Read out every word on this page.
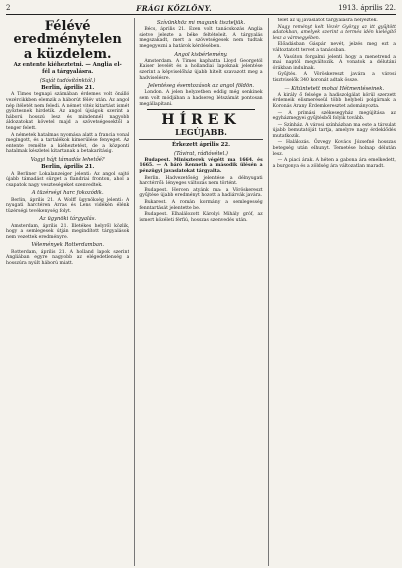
2	FRÁGI KÖZLÖNY.	1913. április 22.
Félévé eredménytelen
a küzdelem.
Az entente kiéheztetni. — Anglia el-
fél a tárgyalásra.
(Saját tudósítónktól.)
Berlin, április 21.

A Times tegnapi számában érdemes volt önálló vezércikkben elemzik a háborút félév után. Az angol nép ítéletét nem feledi. A német vitéz kitartást ismét győztesnek hirdetik. Az angol újságok szerint a háború hosszú lesz és mindennél nagyobb áldozatokat követel majd a szövetségesektől a tenger felett.

A németek hatalmas nyomása alatt a francia vonal megingott, és a tartalékok kimerülése fenyeget. Az entente remélte a kiéheztetést, de a központi hatalmak készletei kitartanak a betakarításig.

Vagyi hájt támadás lehetőé?
Berlin, április 21.

A Berliner Lokalanzeiger jelenti: Az angol sajtó újabb támadást sürget a flandriai fronton, ahol a csapatok nagy veszteségeket szenvedtek.

A tüzérségi harc fokozódik.

Berlin, április 21. A Wolff ügynökség jelenti: A nyugati harctéren Arras és Lens vidékén élénk tüzérségi tevékenység folyt.

Az ügynöki tárgyalás.

Amsterdam, április 21. Illetékes helyről közlik, hogy a semlegesek útján megindított tárgyalások nem vezettek eredményre.

Vélemények Rotterdamban.

Rotterdam, április 21. A holland lapok szerint Angliában egyre nagyobb az elégedetlenség a hosszúra nyúlt háború miatt.

Szívünkhöz mi magunk tiszteljük.

Bécs, április 21. Ezen volt tanácskozás Anglia sietve jelezte a béke feltételeit. A tárgyalás megszakadt, mert a szövetségesek nem tudtak megegyezni a határok kérdésében.

Angol kisbérlemény.

Amsterdam. A Times kaphatta Lloyd Georgetól Kaiser levelét és a hollandiai lapoknak jelentése szerint a képviselőház újabb hitelt szavazott meg a hadviselésre.

Jelentéseg ésemtozások az angol földön.

London. A jelen helyzetben eddig még senkinek sem volt módjában a hadsereg létszámát pontosan megállapítani.

HÍREK
LEGÚJABB.
Érkezett április 22.
(Távirat, rádióvétel.)

Budapest. Miniszterek végétt ma 1664. és 1665. — A báró Kenneth a második ülésén a pénzügyi javaslatokat tárgyalta.

Berlin. Hadvezetőség jelentése a délnyugati harctérről: lényeges változás nem történt.

Budapest. Hercen atyánk ma: a Vöröskereszt gyűjtése újabb eredményt hozott a hadiárvák javára.

Bukarest. A román kormány a semlegesség fenntartását jelentette be.

Budapest. Elhalálozott Károlyi Mihály gróf, az ismert közéleti férfiú, hosszas szenvedés után.

telet az új javaslatot tárgyalásra helyezték.

Nagy reményt kelt Vezér György az itt gyűjtött adatokban, amelyek szerint a termés idén kielégítő lesz a vármegyében.

Előadásban Gáspár nevét, jelzés meg ezt a változtatott tervet a tanácsban.

A Vasúton forgalmi jelenti hogy a menetrend a mai naptól megváltozik. A vonatok a délutáni órákban indulnak.

Gyűjtés. A Vöröskereszt javára a városi tisztviselők 340 koronát adtak össze.

— Kitüntetett mohai Hétmentéseinek.

A király ő felsége a hadiszolgálat körül szerzett érdemeik elismeréseül több helybeli polgárnak a Koronás Arany Érdemkeresztet adományozta.

— A prímási székesegyház megújítása az egyházmegyei gyűjtésből folyik tovább.

— Színház. A városi színházban ma este a társulat újabb bemutatóját tartja, amelyre nagy érdeklődés mutatkozik.

— Halálozás. Özvegy Kovács Józsefné hosszas betegség után elhunyt. Temetése holnap délután lesz.

— A piaci árak. A héten a gabona ára emelkedett, a burgonya és a zöldség ára változatlan maradt.
